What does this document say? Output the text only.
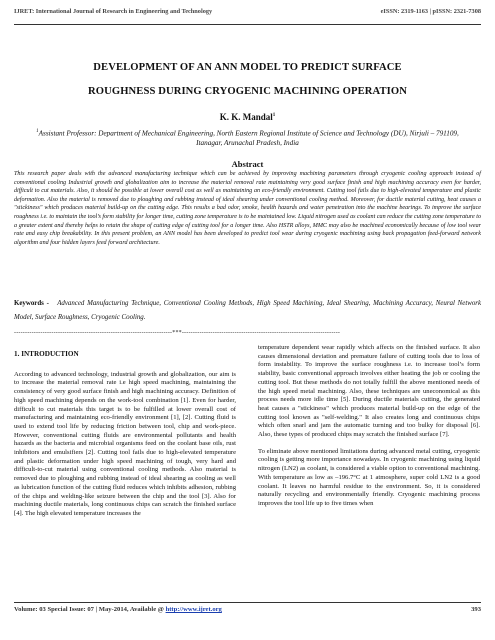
IJRET: International Journal of Research in Engineering and Technology	eISSN: 2319-1163 | pISSN: 2321-7308
DEVELOPMENT OF AN ANN MODEL TO PREDICT SURFACE
ROUGHNESS DURING CRYOGENIC MACHINING OPERATION
K. K. Mandal$^1$
$^1$Assistant Professor: Department of Mechanical Engineering, North Eastern Regional Institute of Science and Technology (DU), Nirjuli – 791109, Itanagar, Arunachal Pradesh, India
Abstract
This research paper deals with the advanced manufacturing technique which can be achieved by improving machining parameters through cryogenic cooling approach instead of conventional cooling Industrial growth and globalization aim to increase the material removal rate maintaining very good surface finish and high machining accuracy even for harder, difficult to cut materials. Also, it should be possible at lower overall cost as well as maintaining an eco-friendly environment. Cutting tool fails due to high-elevated temperature and plastic deformation. Also the material is removed due to ploughing and rubbing instead of ideal shearing under conventional cooling method. Moreover, for ductile material cutting, heat causes a "stickiness" which produces material build-up on the cutting edge. This results a bad odor, smoke, health hazards and water penetration into the machine bearings. To improve the surface roughness i.e. to maintain the tool’s form stability for longer time, cutting zone temperature is to be maintained low. Liquid nitrogen used as coolant can reduce the cutting zone temperature to a greater extent and thereby helps to retain the shape of cutting edge of cutting tool for a longer time. Also HSTR alloys, MMC may also be machined economically because of low tool wear rate and easy chip breakability. In this present problem, an ANN model has been developed to predict tool wear during cryogenic machining using back propagation feed-forward network algorithm and four hidden layers feed forward architecture.
Keywords - Advanced Manufacturing Technique, Conventional Cooling Methods, High Speed Machining, Ideal Shearing, Machining Accuracy, Neural Network Model, Surface Roughness, Cryogenic Cooling.
------------------------------------------------------------------------***------------------------------------------------------------------------
1. INTRODUCTION

According to advanced technology, industrial growth and globalization, our aim is to increase the material removal rate i.e high speed machining, maintaining the consistency of very good surface finish and high machining accuracy. Definition of high speed machining depends on the work-tool combination [1]. Even for harder, difficult to cut materials this target is to be fulfilled at lower overall cost of manufacturing and maintaining eco-friendly environment [1], [2]. Cutting fluid is used to extend tool life by reducing friction between tool, chip and work-piece. However, conventional cutting fluids are environmental pollutants and health hazards as the bacteria and microbial organisms feed on the coolant base oils, rust inhibitors and emulsifiers [2]. Cutting tool fails due to high-elevated temperature and plastic deformation under high speed machining of tough, very hard and difficult-to-cut material using conventional cooling methods. Also material is removed due to ploughing and rubbing instead of ideal shearing as cooling as well as lubrication function of the cutting fluid reduces which inhibits adhesion, rubbing of the chips and welding-like seizure between the chip and the tool [3]. Also for machining ductile materials, long continuous chips can scratch the finished surface [4]. The high elevated temperature increases the

temperature dependent wear rapidly which affects on the finished surface. It also causes dimensional deviation and premature failure of cutting tools due to loss of form instability. To improve the surface roughness i.e. to increase tool’s form stability, basic conventional approach involves either heating the job or cooling the cutting tool. But these methods do not totally fulfill the above mentioned needs of the high speed metal machining. Also, these techniques are uneconomical as this process needs more idle time [5]. During ductile materials cutting, the generated heat causes a "stickiness" which produces material build-up on the edge of the cutting tool known as "self-welding." It also creates long and continuous chips which often snarl and jam the automatic turning and too bulky for disposal [6]. Also, these types of produced chips may scratch the finished surface [7].

To eliminate above mentioned limitations during advanced metal cutting, cryogenic cooling is getting more importance nowadays. In cryogenic machining using liquid nitrogen (LN2) as coolant, is considered a viable option to conventional machining. With temperature as low as –196.7°C at 1 atmosphere, super cold LN2 is a good coolant. It leaves no harmful residue to the environment. So, it is considered naturally recycling and environmentally friendly. Cryogenic machining process improves the tool life up to five times when

Volume: 03 Special Issue: 07 | May-2014, Available @ http://www.ijret.org	393
